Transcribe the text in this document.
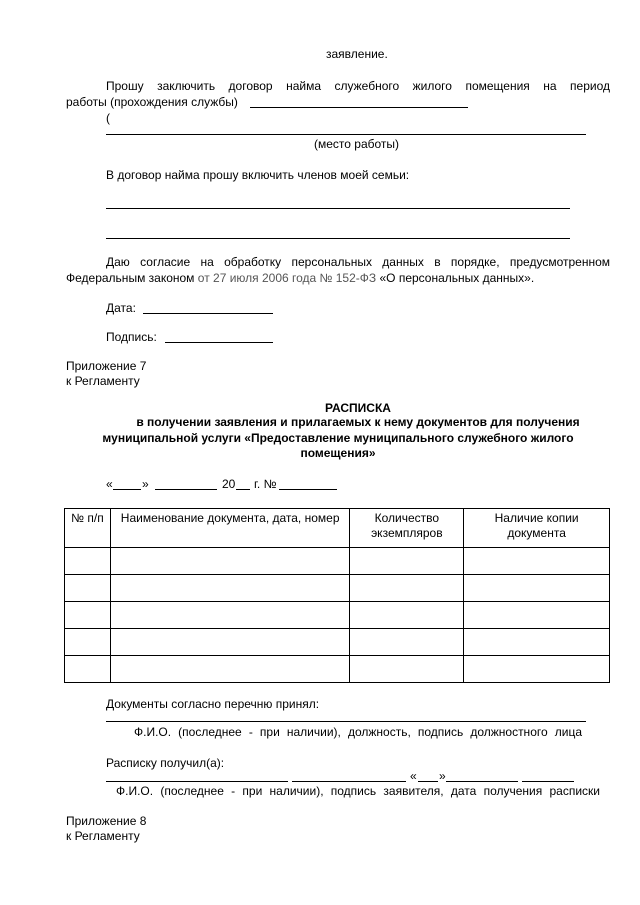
заявление.
Прошу заключить договор найма служебного жилого помещения на период
работы (прохождения службы)
(
(место работы)
В договор найма прошу включить членов моей семьи:
Даю согласие на обработку персональных данных в порядке, предусмотренном
Федеральным законом от 27 июля 2006 года № 152-ФЗ «О персональных данных».
Дата:
Подпись:
Приложение 7
к Регламенту
РАСПИСКА
в получении заявления и прилагаемых к нему документов для получения
муниципальной услуги «Предоставление муниципального служебного жилого
помещения»
« »	20 г. №
№ п/п	Наименование документа, дата, номер	Количество экземпляров	Наличие копии документа

Документы согласно перечню принял:
Ф.И.О. (последнее - при наличии), должность, подпись должностного лица
Расписку получил(а):
« »
Ф.И.О. (последнее - при наличии), подпись заявителя, дата получения расписки
Приложение 8
к Регламенту
